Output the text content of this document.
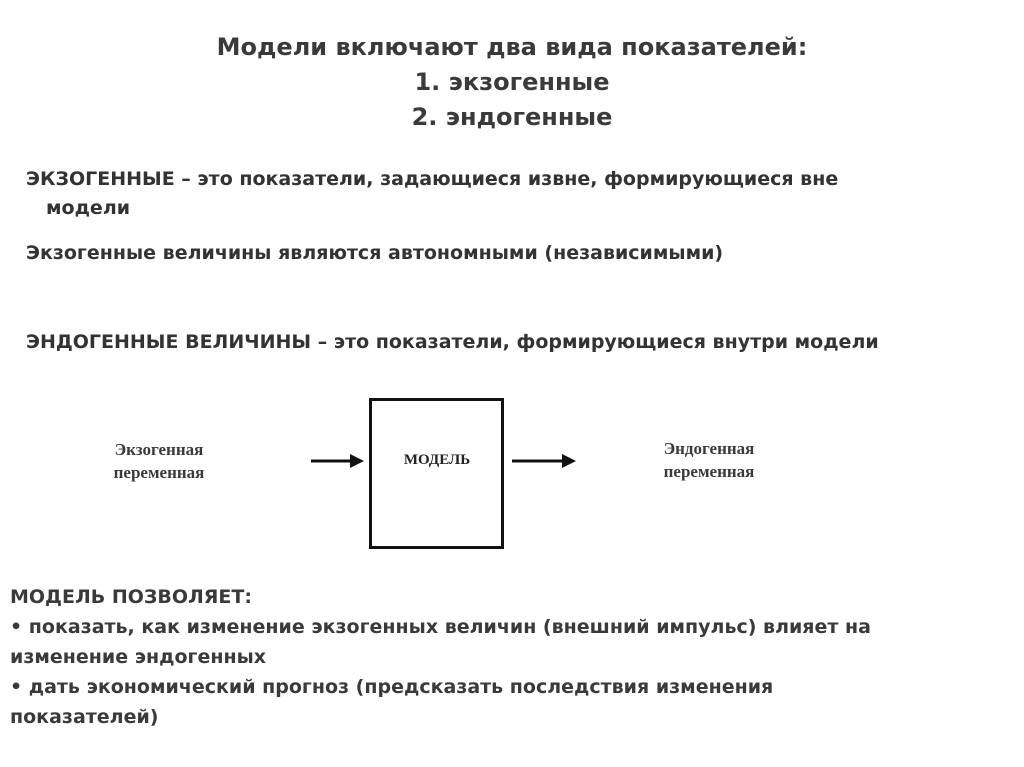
Модели включают два вида показателей:
1. экзогенные
2. эндогенные
ЭКЗОГЕННЫЕ – это показатели, задающиеся извне, формирующиеся вне
модели
Экзогенные величины являются автономными (независимыми)
ЭНДОГЕННЫЕ ВЕЛИЧИНЫ – это показатели, формирующиеся внутри модели
Экзогенная
переменная
МОДЕЛЬ
Эндогенная
переменная
МОДЕЛЬ ПОЗВОЛЯЕТ:
• показать, как изменение экзогенных величин (внешний импульс) влияет на
изменение эндогенных
• дать экономический прогноз (предсказать последствия изменения
показателей)
